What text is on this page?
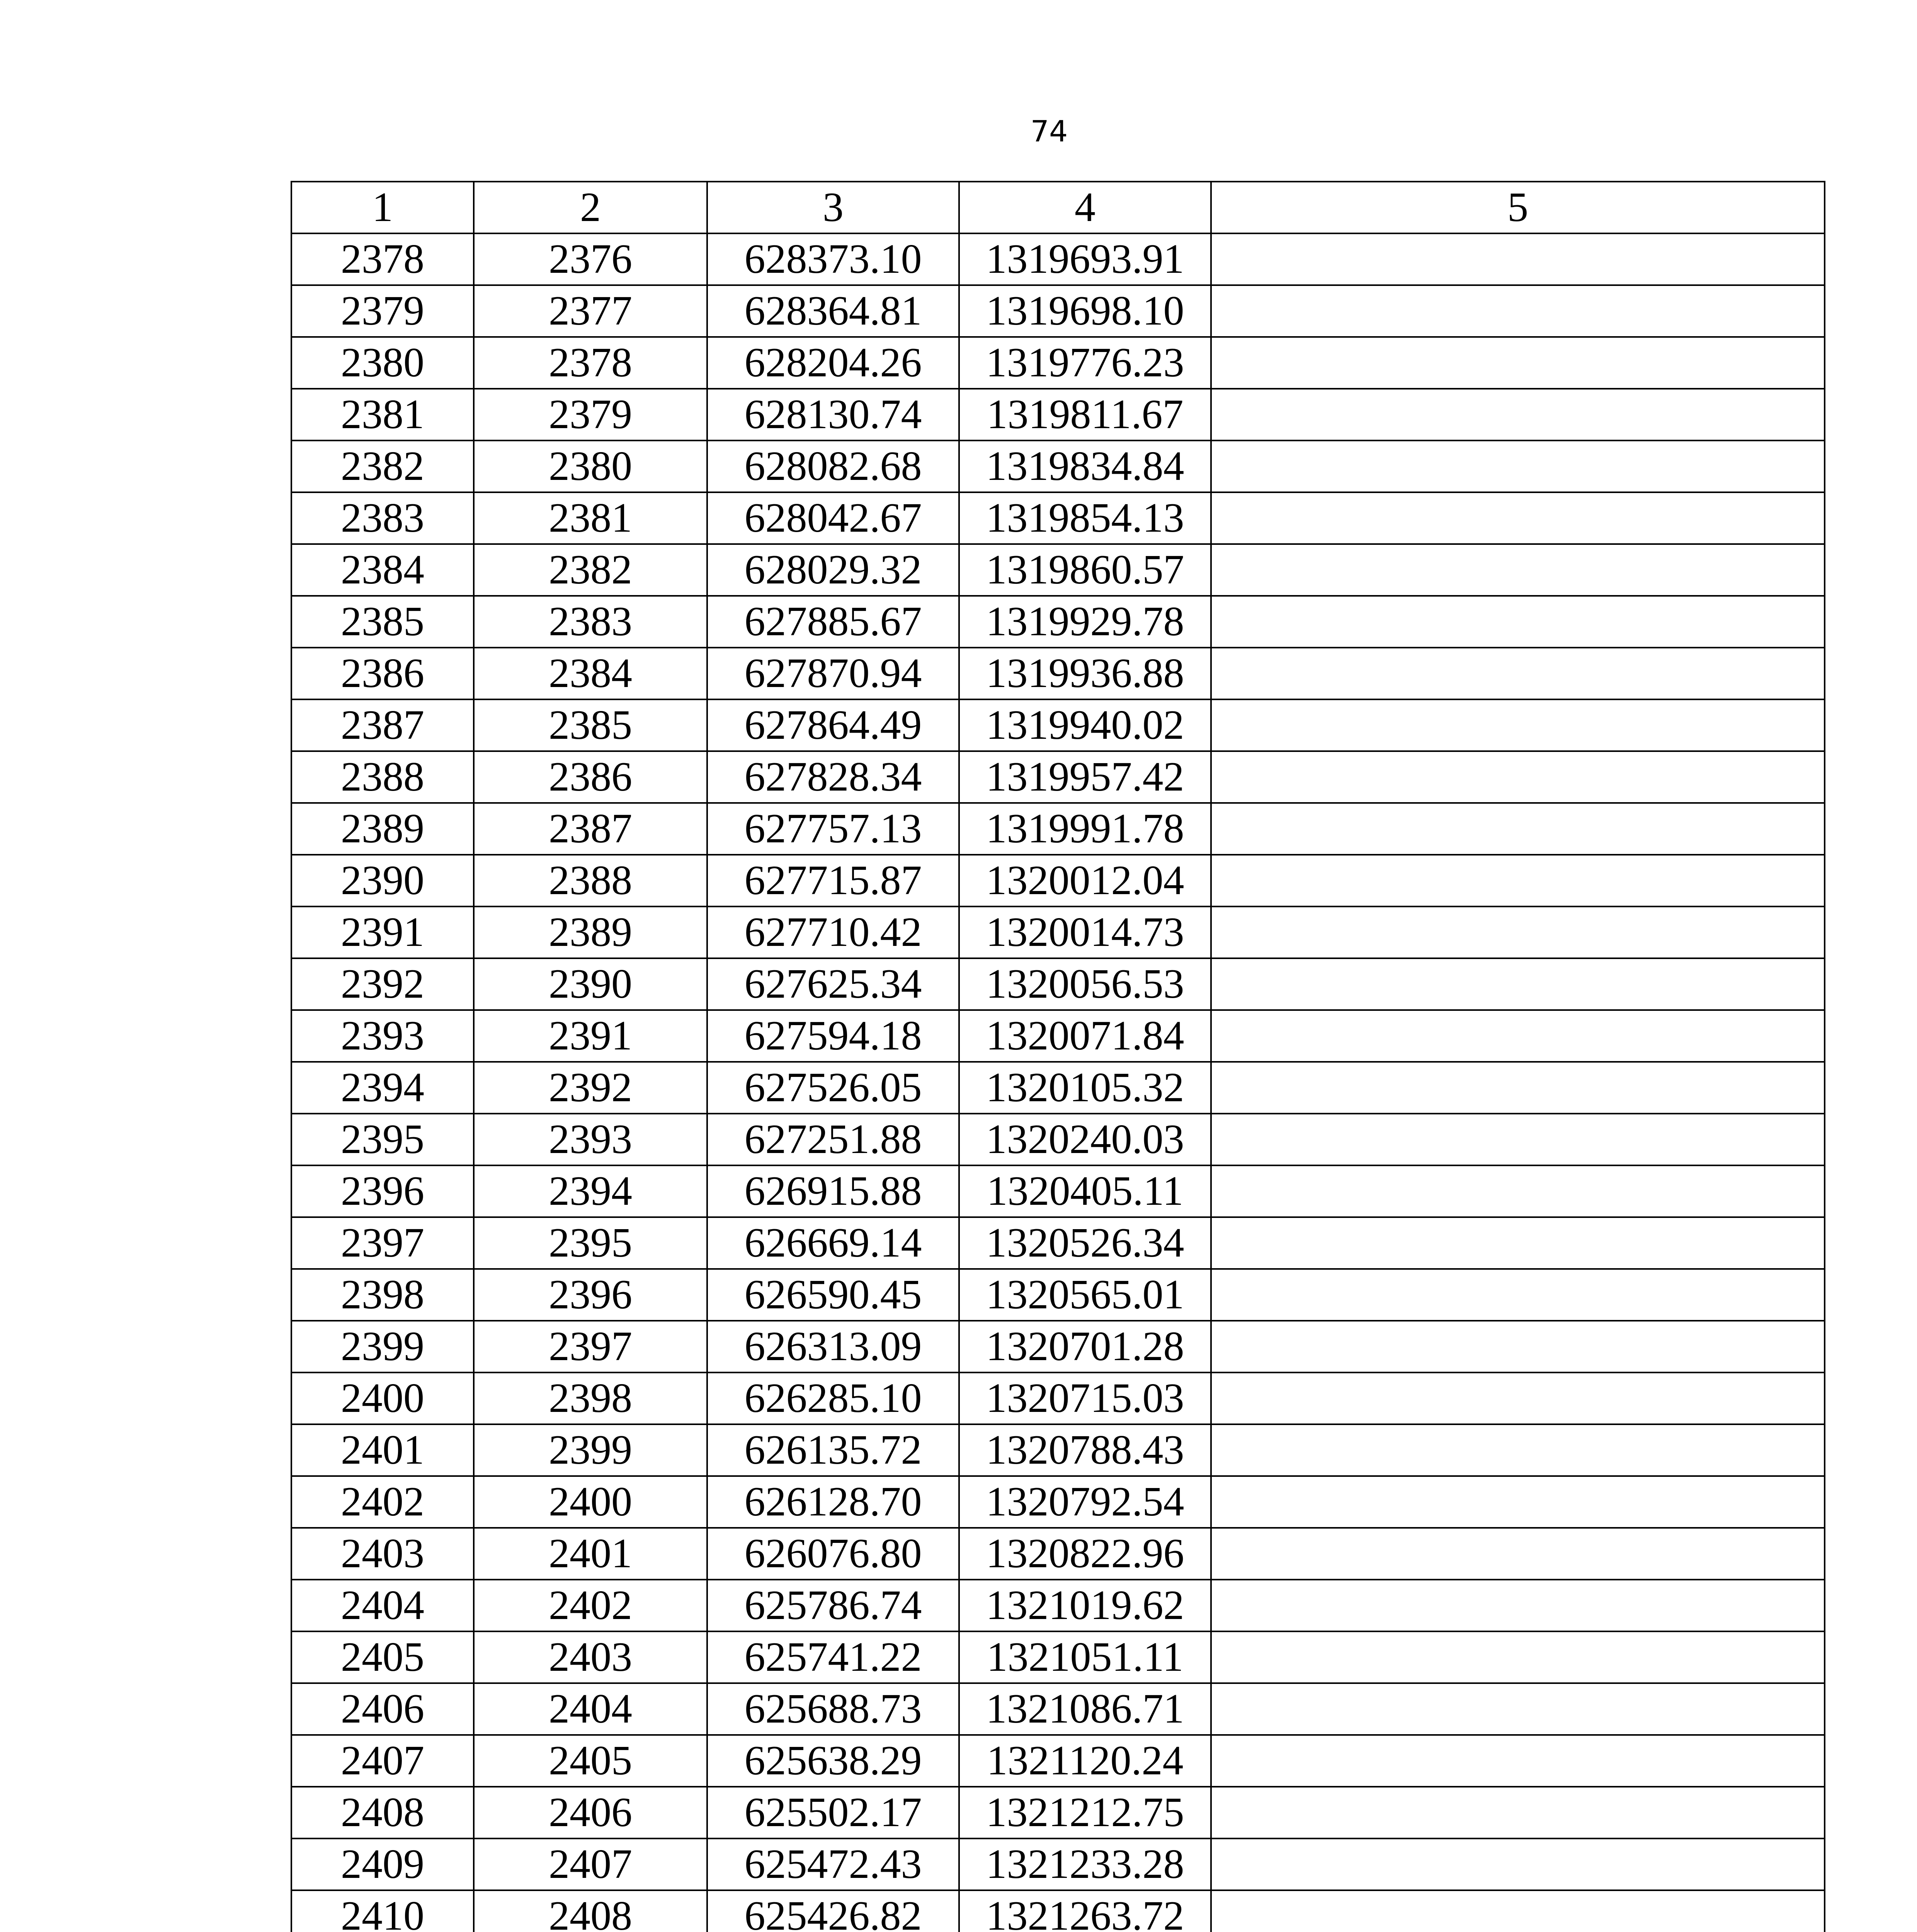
74
1	2	3	4	5
2378	2376	628373.10	1319693.91	
2379	2377	628364.81	1319698.10	
2380	2378	628204.26	1319776.23	
2381	2379	628130.74	1319811.67	
2382	2380	628082.68	1319834.84	
2383	2381	628042.67	1319854.13	
2384	2382	628029.32	1319860.57	
2385	2383	627885.67	1319929.78	
2386	2384	627870.94	1319936.88	
2387	2385	627864.49	1319940.02	
2388	2386	627828.34	1319957.42	
2389	2387	627757.13	1319991.78	
2390	2388	627715.87	1320012.04	
2391	2389	627710.42	1320014.73	
2392	2390	627625.34	1320056.53	
2393	2391	627594.18	1320071.84	
2394	2392	627526.05	1320105.32	
2395	2393	627251.88	1320240.03	
2396	2394	626915.88	1320405.11	
2397	2395	626669.14	1320526.34	
2398	2396	626590.45	1320565.01	
2399	2397	626313.09	1320701.28	
2400	2398	626285.10	1320715.03	
2401	2399	626135.72	1320788.43	
2402	2400	626128.70	1320792.54	
2403	2401	626076.80	1320822.96	
2404	2402	625786.74	1321019.62	
2405	2403	625741.22	1321051.11	
2406	2404	625688.73	1321086.71	
2407	2405	625638.29	1321120.24	
2408	2406	625502.17	1321212.75	
2409	2407	625472.43	1321233.28	
2410	2408	625426.82	1321263.72	
